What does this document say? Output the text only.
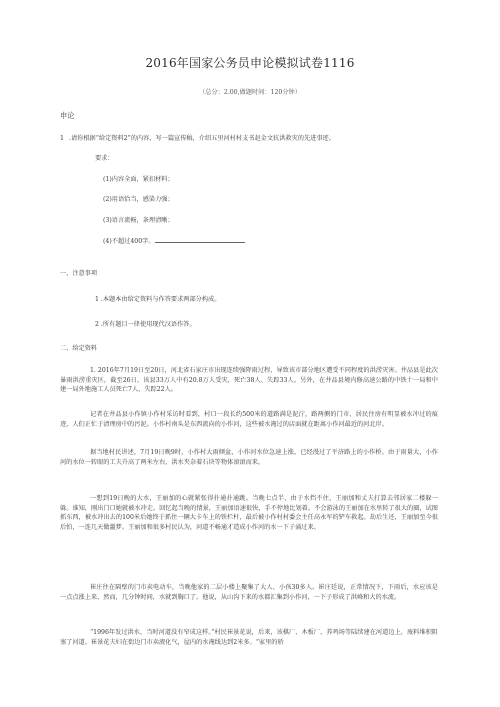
2016年国家公务员申论模拟试卷1116
（总分：2.00,做题时间：120分钟）
申论
1 .请你根据“给定资料2”的内容，写一篇宣传稿，介绍五里河村村支书赵金文抗洪救灾的先进事迹。
要求：
(1)内容全面，紧扣材料；
(2)用语恰当，感染力强；
(3)语言流畅，条理清晰；
(4)不超过400字。
一、注意事项
1 .本题本由给定资料与作答要求两部分构成。
2 .所有题目一律使用现代汉语作答。
二、给定资料
1. 2016年7月19日至20日，河北省石家庄市出现连续强降雨过程，导致该市部分地区遭受不同程度的洪涝灾害。井品县是此次暴雨洪涝重灾区，截至26日，该县33万人中有20.8万人受灾，死亡38人、失踪33人。另外，在井品县境内修高速公路的中铁十一局和中建一局外地施工人员死亡7人、失踪22人。
记者在井品县小作镇小作村采访时看到，村口一段长约500米的道路满是泥泞，路两侧的门市、居民住房有明显被水冲过的痕迹，人们正忙于清理房中的污泥。小作村南头是东西流向的小作河，这些被水淹过的店面就在距离小作河最近的河北岸。
据当地村民讲述，7月19日晚9时，小作村大雨倾盆，小作河水位急速上涨，已经漫过了平济路上的小作桥。由于雨量大，小作河的水位一转眼的工夫升高了两米左右，洪水夹杂着石块等物体滚滚而来。
一想到19日晚的大水，王丽加的心就紧张得扑通扑通跳。当晚七点半，由于水挡不住，王丽加和丈夫打算去邻居家二楼躲一躲。谁知，刚出门口她就被水冲走。回忆起当晚的情景，王丽加语速很快，手不停地比划着。不会游泳的王丽加在水里转了很大的圈，试图抓东西，被水冲出去的100米后她终于抓住一辆大卡车上的铁栏杆，最后被小作村村委会主任高永军的铲车救起。劫后生还，王丽加至今很后怕，一连几天做噩梦。王丽加和很多村民认为，河道不畅通才造成小作河的水一下子涌过来。
崔庄往在隔壁的门市卖电动车，当晚他家的二层小楼上聚集了大人、小孩30多人。崔庄廷说，正常情况下，下雨后，水应该是一点点涨上来，然而，几分钟时间，水就到胸口了。他说，从山沟下来的水都汇集到小作河，一下子形成了洪峰和大的水流。
“1996年发过洪水，当时河道没有窄成这样。”村民崔景花说，后来，该棋厂、木板厂、养鸡场等陆续建在河道边上，废料堆积阻塞了河道。崔景花夫妇在街边门市卖液化气，屋内的水淹线达到2米多。“家里的轿
